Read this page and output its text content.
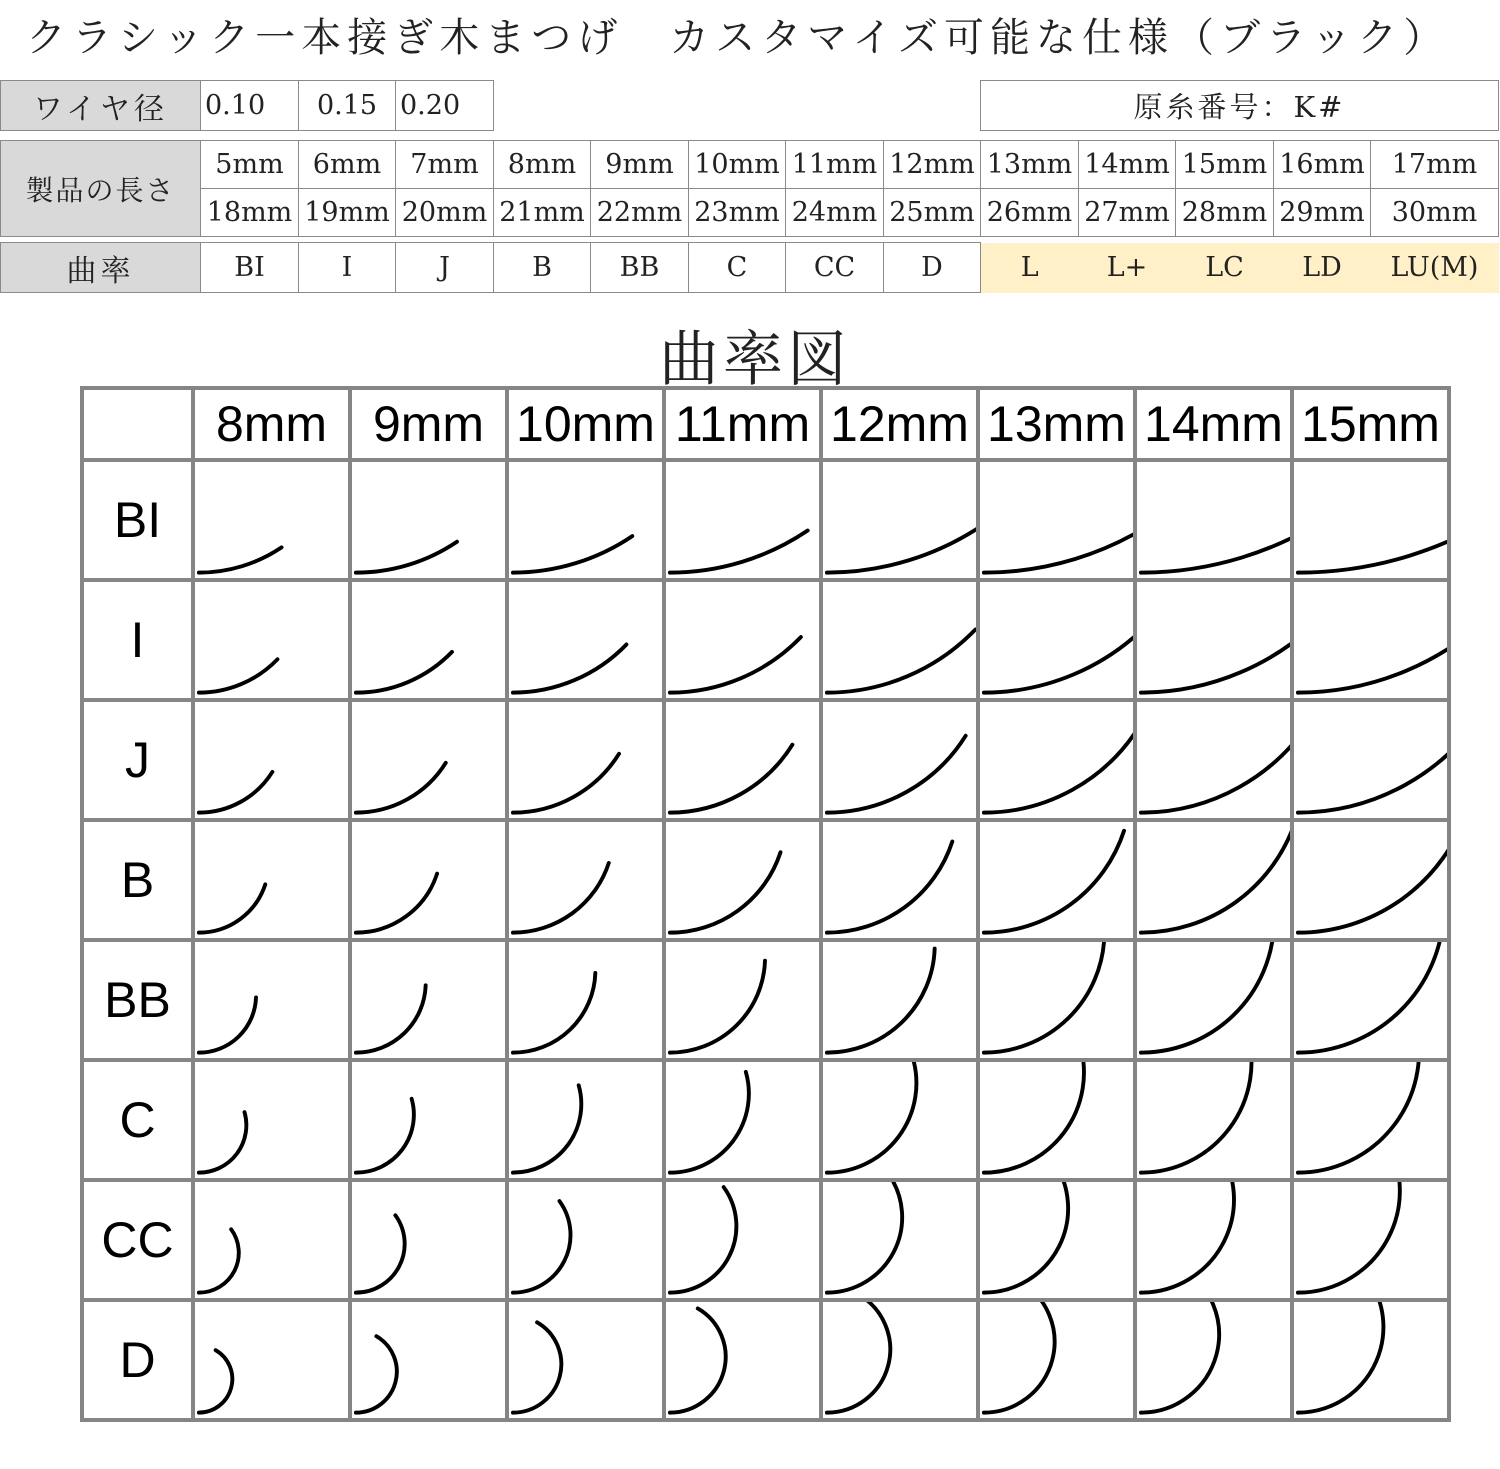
クラシック一本接ぎ木まつげ　カスタマイズ可能な仕様（ブラック）
ワイヤ径	0.10	0.15	0.20		原糸番号：K#
製品の長さ	5mm	6mm	7mm	8mm	9mm	10mm	11mm	12mm	13mm	14mm	15mm	16mm	17mm
	18mm	19mm	20mm	21mm	22mm	23mm	24mm	25mm	26mm	27mm	28mm	29mm	30mm
曲率	BI	I	J	B	BB	C	CC	D	L	L+	LC	LD	LU(M)
曲率図
	8mm	9mm	10mm	11mm	12mm	13mm	14mm	15mm
BI	

I	

J	

B	

BB	

C	

CC	

D	
